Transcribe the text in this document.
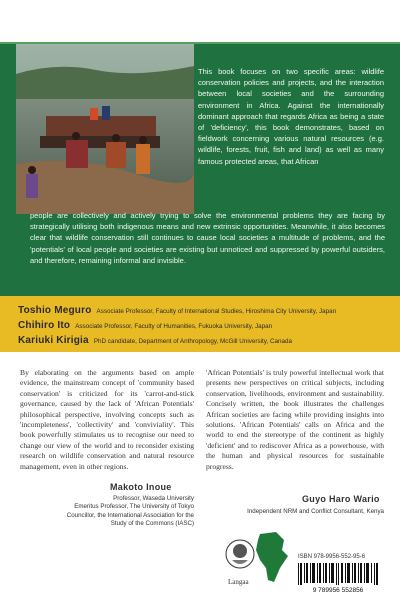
This book focuses on two specific areas: wildlife conservation policies and projects, and the interaction between local societies and the surrounding environment in Africa. Against the internationally dominant approach that regards Africa as being a state of 'deficiency', this book demonstrates, based on fieldwork concerning various natural resources (e.g. wildlife, forests, fruit, fish and land) as well as many famous protected areas, that African
people are collectively and actively trying to solve the environmental problems they are facing by strategically utilising both indigenous means and new extrinsic opportunities. Meanwhile, it also becomes clear that wildlife conservation still continues to cause local societies a multitude of problems, and the 'potentials' of local people and societies are existing but unnoticed and suppressed by powerful outsiders, and therefore, remaining informal and invisible.
Toshio Meguro Associate Professor, Faculty of International Studies, Hiroshima City University, Japan
Chihiro Ito Associate Professor, Faculty of Humanities, Fukuoka University, Japan
Kariuki Kirigia PhD candidate, Department of Anthropology, McGill University, Canada
By elaborating on the arguments based on ample evidence, the mainstream concept of 'community based conservation' is criticized for its 'carrot-and-stick governance, caused by the lack of 'African Potentials' philosophical perspective, involving concepts such as 'incompleteness', 'collectivity' and 'conviviality'. This book powerfully stimulates us to recognise our need to change our view of the world and to reconsider existing research on wildlife conservation and natural resource management, even in other regions.
'African Potentials' is truly powerful intellectual work that presents new perspectives on critical subjects, including conservation, livelihoods, environment and sustainability. Concisely written, the book illustrates the challenges African societies are facing while providing insights into solutions. 'African Potentials' calls on Africa and the world to end the stereotype of the continent as highly 'deficient' and to rediscover Africa as a powerhouse, with the human and physical resources for sustainable progress.
Makoto Inoue
Professor, Waseda University
Emeritus Professor, The University of Tokyo
Councillor, the International Association for the
Study of the Commons (IASC)
Guyo Haro Wario
Independent NRM and Conflict Consultant, Kenya
Langaa
ISBN 978-9956-552-95-6
9 789956 552856
